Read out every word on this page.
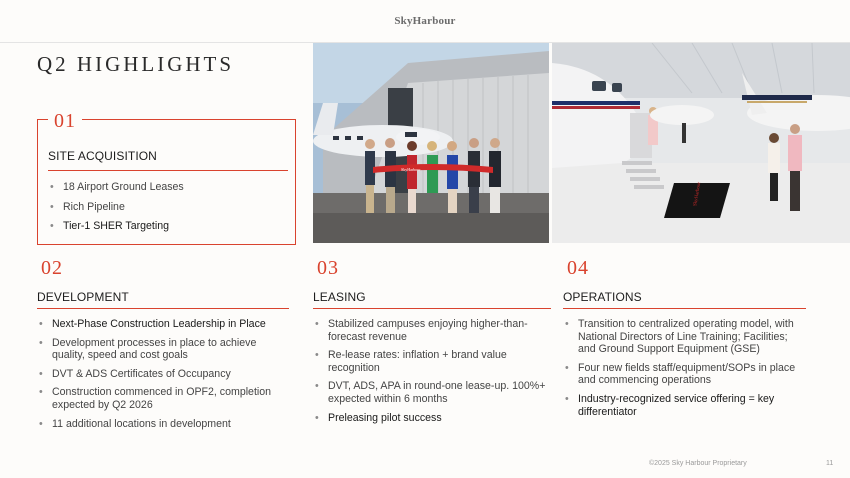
SkyHarbour
Q2 HIGHLIGHTS
01
SITE ACQUISITION
• 18 Airport Ground Leases
• Rich Pipeline
• Tier-1 SHER Targeting
SkyHarbour
SkyHarbour
02
DEVELOPMENT
• Next-Phase Construction Leadership in Place
• Development processes in place to achieve quality, speed and cost goals
• DVT & ADS Certificates of Occupancy
• Construction commenced in OPF2, completion expected by Q2 2026
• 11 additional locations in development
03
LEASING
• Stabilized campuses enjoying higher-than-forecast revenue
• Re-lease rates: inflation + brand value recognition
• DVT, ADS, APA in round-one lease-up. 100%+ expected within 6 months
• Preleasing pilot success
04
OPERATIONS
• Transition to centralized operating model, with National Directors of Line Training; Facilities; and Ground Support Equipment (GSE)
• Four new fields staff/equipment/SOPs in place and commencing operations
• Industry-recognized service offering = key differentiator
©2025 Sky Harbour Proprietary	11
